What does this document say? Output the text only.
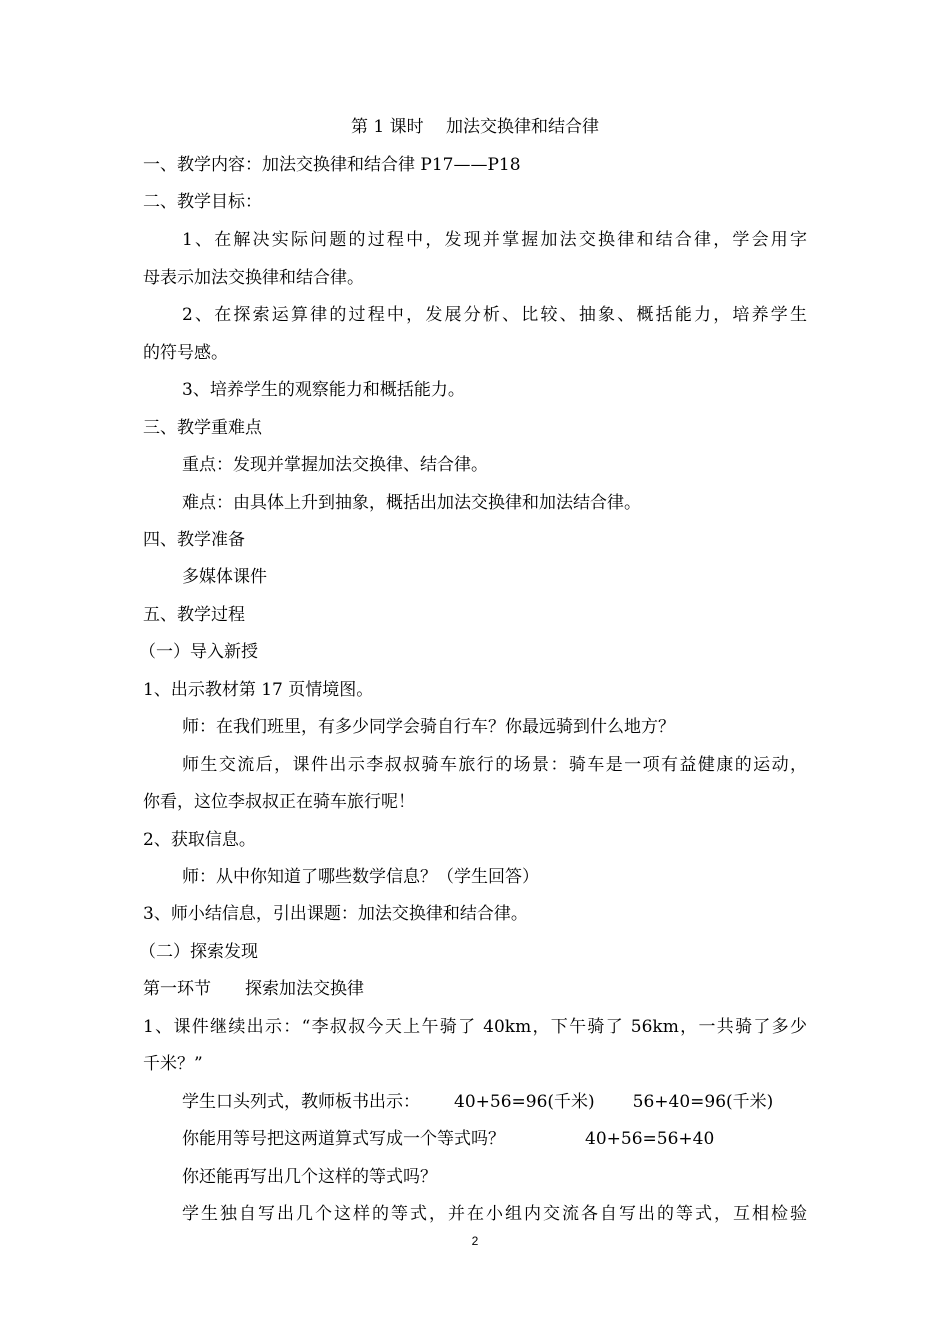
第 1 课时　 加法交换律和结合律
一、教学内容：加法交换律和结合律 P17——P18
二、教学目标：
1、在解决实际问题的过程中，发现并掌握加法交换律和结合律，学会用字
母表示加法交换律和结合律。
2、在探索运算律的过程中，发展分析、比较、抽象、概括能力，培养学生
的符号感。
3、培养学生的观察能力和概括能力。
三、教学重难点
重点：发现并掌握加法交换律、结合律。
难点：由具体上升到抽象，概括出加法交换律和加法结合律。
四、教学准备
多媒体课件
五、教学过程
（一）导入新授
1、出示教材第 17 页情境图。
师：在我们班里，有多少同学会骑自行车？你最远骑到什么地方？
师生交流后，课件出示李叔叔骑车旅行的场景：骑车是一项有益健康的运动，
你看，这位李叔叔正在骑车旅行呢！
2、获取信息。
师：从中你知道了哪些数学信息？（学生回答）
3、师小结信息，引出课题：加法交换律和结合律。
（二）探索发现
第一环节　　探索加法交换律
1、课件继续出示：“李叔叔今天上午骑了 40km，下午骑了 56km，一共骑了多少
千米？”
学生口头列式，教师板书出示： 40+56=96(千米) 56+40=96(千米)
你能用等号把这两道算式写成一个等式吗？	40+56=56+40
你还能再写出几个这样的等式吗？
学生独自写出几个这样的等式，并在小组内交流各自写出的等式，互相检验
2
